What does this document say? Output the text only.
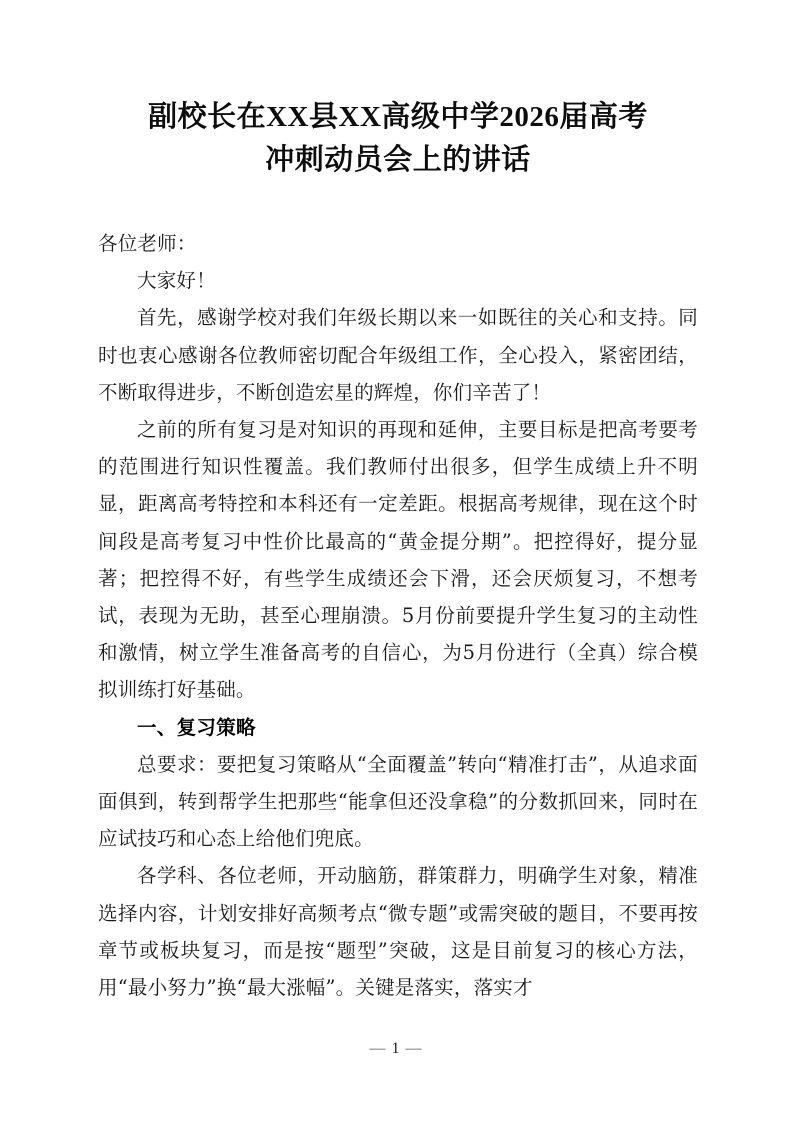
副校长在XX县XX高级中学2026届高考
冲刺动员会上的讲话

各位老师：

大家好！

首先，感谢学校对我们年级长期以来一如既往的关心和支持。同时也衷心感谢各位教师密切配合年级组工作，全心投入，紧密团结，不断取得进步，不断创造宏星的辉煌，你们辛苦了！

之前的所有复习是对知识的再现和延伸，主要目标是把高考要考的范围进行知识性覆盖。我们教师付出很多，但学生成绩上升不明显，距离高考特控和本科还有一定差距。根据高考规律，现在这个时间段是高考复习中性价比最高的“黄金提分期”。把控得好，提分显著；把控得不好，有些学生成绩还会下滑，还会厌烦复习，不想考试，表现为无助，甚至心理崩溃。5月份前要提升学生复习的主动性和激情，树立学生准备高考的自信心，为5月份进行（全真）综合模拟训练打好基础。

一、复习策略

总要求：要把复习策略从“全面覆盖”转向“精准打击”，从追求面面俱到，转到帮学生把那些“能拿但还没拿稳”的分数抓回来，同时在应试技巧和心态上给他们兜底。

各学科、各位老师，开动脑筋，群策群力，明确学生对象，精准选择内容，计划安排好高频考点“微专题”或需突破的题目，不要再按章节或板块复习，而是按“题型”突破，这是目前复习的核心方法，用“最小努力”换“最大涨幅”。关键是落实，落实才

— 1 —
